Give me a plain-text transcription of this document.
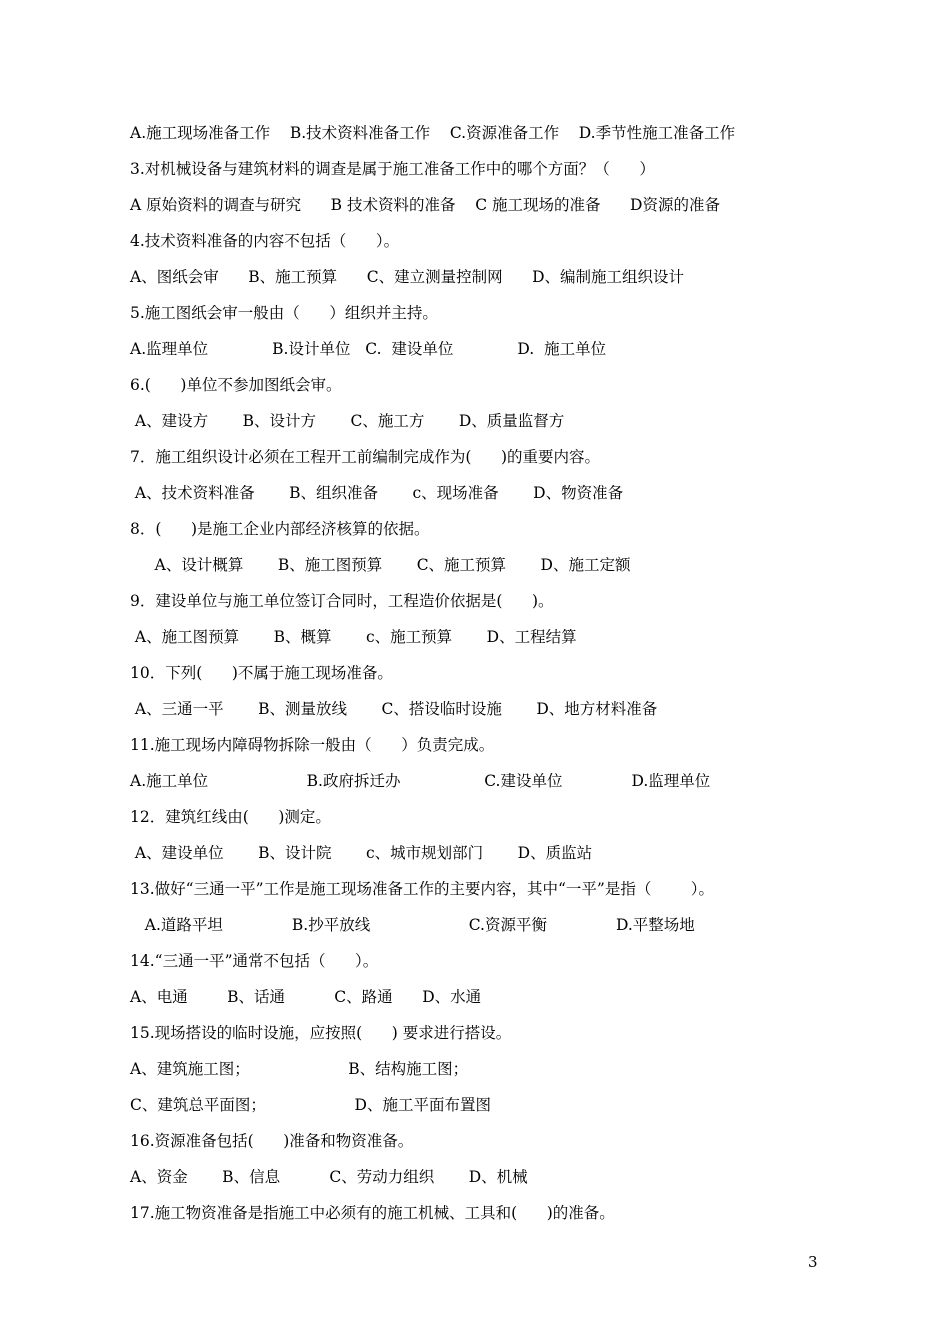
A.施工现场准备工作    B.技术资料准备工作    C.资源准备工作    D.季节性施工准备工作
3.对机械设备与建筑材料的调查是属于施工准备工作中的哪个方面？（      ）
A 原始资料的调查与研究      B 技术资料的准备    C 施工现场的准备      D资源的准备
4.技术资料准备的内容不包括（      ）。
A、图纸会审      B、施工预算      C、建立测量控制网      D、编制施工组织设计
5.施工图纸会审一般由（      ）组织并主持。
A.监理单位             B.设计单位   C.  建设单位             D.  施工单位
6.(      )单位不参加图纸会审。
A、建设方       B、设计方       C、施工方       D、质量监督方
7．施工组织设计必须在工程开工前编制完成作为(      )的重要内容。
A、技术资料准备       B、组织准备       c、现场准备       D、物资准备
8．(      )是施工企业内部经济核算的依据。
A、设计概算       B、施工图预算       C、施工预算       D、施工定额
9．建设单位与施工单位签订合同时，工程造价依据是(      )。
A、施工图预算       B、概算       c、施工预算       D、工程结算
10．下列(      )不属于施工现场准备。
A、三通一平       B、测量放线       C、搭设临时设施       D、地方材料准备
11.施工现场内障碍物拆除一般由（      ）负责完成。
A.施工单位                    B.政府拆迁办                 C.建设单位              D.监理单位
12．建筑红线由(      )测定。
A、建设单位       B、设计院       c、城市规划部门       D、质监站
13.做好“三通一平”工作是施工现场准备工作的主要内容，其中“一平”是指（        ）。
A.道路平坦              B.抄平放线                    C.资源平衡              D.平整场地
14.“三通一平”通常不包括（      ）。
A、电通        B、话通          C、路通      D、水通
15.现场搭设的临时设施，应按照(      ) 要求进行搭设。
A、建筑施工图；                    B、结构施工图；
C、建筑总平面图；                  D、施工平面布置图
16.资源准备包括(      )准备和物资准备。
A、资金       B、信息          C、劳动力组织       D、机械
17.施工物资准备是指施工中必须有的施工机械、工具和(      )的准备。
3
